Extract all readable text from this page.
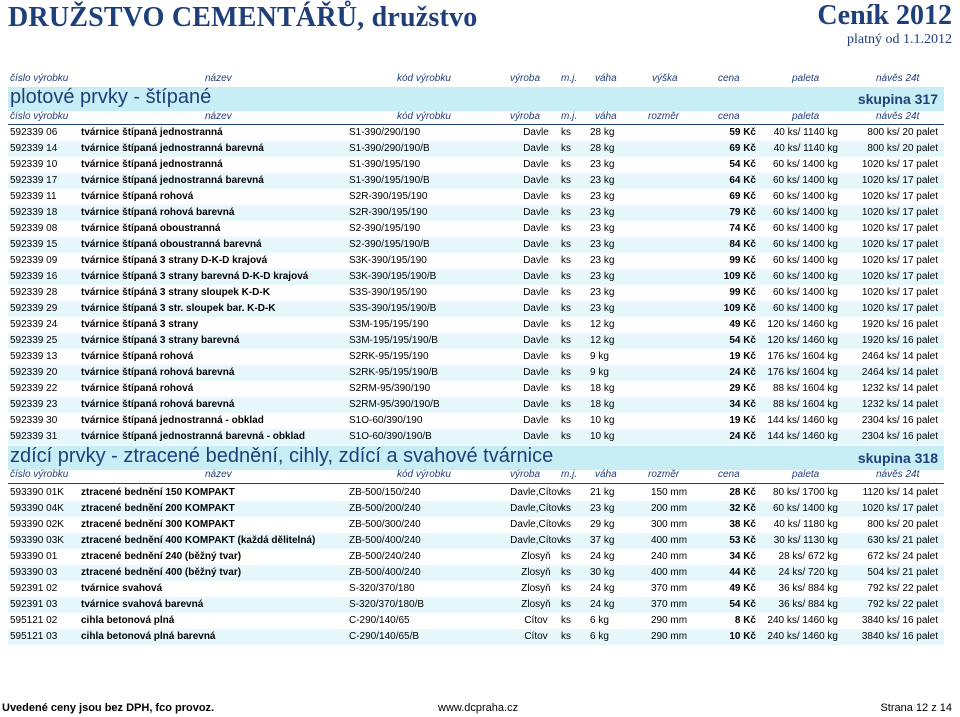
DRUŽSTVO CEMENTÁŘŮ, družstvo	Ceník 2012
platný od 1.1.2012
číslo výrobku	název	kód výrobku	výroba m.j. váha	výška	cena	paleta	návěs 24t
plotové prvky - štípané	skupina 317
číslo výrobku	název	kód výrobku	výroba m.j. váha	rozměr	cena	paleta	návěs 24t
592339 06 tvárnice štípaná jednostranná	S1-390/290/190	Davle	ks 28 kg	59 Kč 40 ks/ 1140 kg	800 ks/ 20 palet
592339 14 tvárnice štípaná jednostranná barevná	S1-390/290/190/B	Davle	ks 28 kg	69 Kč 40 ks/ 1140 kg	800 ks/ 20 palet
592339 10 tvárnice štípaná jednostranná	S1-390/195/190	Davle	ks 23 kg	54 Kč 60 ks/ 1400 kg 1020 ks/ 17 palet
592339 17 tvárnice štípaná jednostranná barevná	S1-390/195/190/B	Davle	ks 23 kg	64 Kč 60 ks/ 1400 kg 1020 ks/ 17 palet
592339 11 tvárnice štípaná rohová	S2R-390/195/190	Davle	ks 23 kg	69 Kč 60 ks/ 1400 kg 1020 ks/ 17 palet
592339 18 tvárnice štípaná rohová barevná	S2R-390/195/190	Davle	ks 23 kg	79 Kč 60 ks/ 1400 kg 1020 ks/ 17 palet
592339 08 tvárnice štípaná oboustranná	S2-390/195/190	Davle	ks 23 kg	74 Kč 60 ks/ 1400 kg 1020 ks/ 17 palet
592339 15 tvárnice štípaná oboustranná barevná	S2-390/195/190/B	Davle	ks 23 kg	84 Kč 60 ks/ 1400 kg 1020 ks/ 17 palet
592339 09 tvárnice štípaná 3 strany D-K-D krajová	S3K-390/195/190	Davle	ks 23 kg	99 Kč 60 ks/ 1400 kg 1020 ks/ 17 palet
592339 16 tvárnice štípaná 3 strany barevná D-K-D krajová	S3K-390/195/190/B	Davle	ks 23 kg	109 Kč 60 ks/ 1400 kg 1020 ks/ 17 palet
592339 28 tvárnice štípáná 3 strany sloupek K-D-K	S3S-390/195/190	Davle	ks 23 kg	99 Kč 60 ks/ 1400 kg 1020 ks/ 17 palet
592339 29 tvárnice štípaná 3 str. sloupek bar. K-D-K	S3S-390/195/190/B	Davle	ks 23 kg	109 Kč 60 ks/ 1400 kg 1020 ks/ 17 palet
592339 24 tvárnice štípaná 3 strany	S3M-195/195/190	Davle	ks 12 kg	49 Kč 120 ks/ 1460 kg 1920 ks/ 16 palet
592339 25 tvárnice štípaná 3 strany barevná	S3M-195/195/190/B	Davle	ks 12 kg	54 Kč 120 ks/ 1460 kg 1920 ks/ 16 palet
592339 13 tvárnice štípaná rohová	S2RK-95/195/190	Davle	ks 9 kg	19 Kč 176 ks/ 1604 kg 2464 ks/ 14 palet
592339 20 tvárnice štípaná rohová barevná	S2RK-95/195/190/B	Davle	ks 9 kg	24 Kč 176 ks/ 1604 kg 2464 ks/ 14 palet
592339 22 tvárnice štípaná rohová	S2RM-95/390/190	Davle	ks 18 kg	29 Kč 88 ks/ 1604 kg 1232 ks/ 14 palet
592339 23 tvárnice štípaná rohová barevná	S2RM-95/390/190/B	Davle	ks 18 kg	34 Kč 88 ks/ 1604 kg 1232 ks/ 14 palet
592339 30 tvárnice štípaná jednostranná - obklad	S1O-60/390/190	Davle	ks 10 kg	19 Kč 144 ks/ 1460 kg 2304 ks/ 16 palet
592339 31 tvárnice štípaná jednostranná barevná - obklad	S1O-60/390/190/B	Davle	ks 10 kg	24 Kč 144 ks/ 1460 kg 2304 ks/ 16 palet
zdící prvky - ztracené bednění, cihly, zdící a svahové tvárnice	skupina 318
číslo výrobku	název	kód výrobku	výroba m.j. váha	rozměr	cena	paleta	návěs 24t
593390 01K ztracené bednění 150 KOMPAKT	ZB-500/150/240	Davle,Cítov ks 21 kg	150 mm	28 Kč 80 ks/ 1700 kg 1120 ks/ 14 palet
593390 04K ztracené bednění 200 KOMPAKT	ZB-500/200/240	Davle,Cítov ks 23 kg	200 mm	32 Kč 60 ks/ 1400 kg 1020 ks/ 17 palet
593390 02K ztracené bednění 300 KOMPAKT	ZB-500/300/240	Davle,Cítov ks 29 kg	300 mm	38 Kč 40 ks/ 1180 kg	800 ks/ 20 palet
593390 03K ztracené bednění 400 KOMPAKT (každá dělitelná)	ZB-500/400/240	Davle,Cítov ks 37 kg	400 mm	53 Kč 30 ks/ 1130 kg	630 ks/ 21 palet
593390 01 ztracené bednění 240 (běžný tvar)	ZB-500/240/240	Zlosyň	ks 24 kg	240 mm	34 Kč 28 ks/ 672 kg	672 ks/ 24 palet
593390 03 ztracené bednění 400 (běžný tvar)	ZB-500/400/240	Zlosyň	ks 30 kg	400 mm	44 Kč 24 ks/ 720 kg	504 ks/ 21 palet
592391 02 tvárnice svahová	S-320/370/180	Zlosyň	ks 24 kg	370 mm	49 Kč 36 ks/ 884 kg	792 ks/ 22 palet
592391 03 tvárnice svahová barevná	S-320/370/180/B	Zlosyň	ks 24 kg	370 mm	54 Kč 36 ks/ 884 kg	792 ks/ 22 palet
595121 02 cihla betonová plná	C-290/140/65	Cítov	ks 6 kg	290 mm	8 Kč 240 ks/ 1460 kg 3840 ks/ 16 palet
595121 03 cihla betonová plná barevná	C-290/140/65/B	Cítov	ks 6 kg	290 mm	10 Kč 240 ks/ 1460 kg 3840 ks/ 16 palet
Uvedené ceny jsou bez DPH, fco provoz.	www.dcpraha.cz	Strana 12 z 14
